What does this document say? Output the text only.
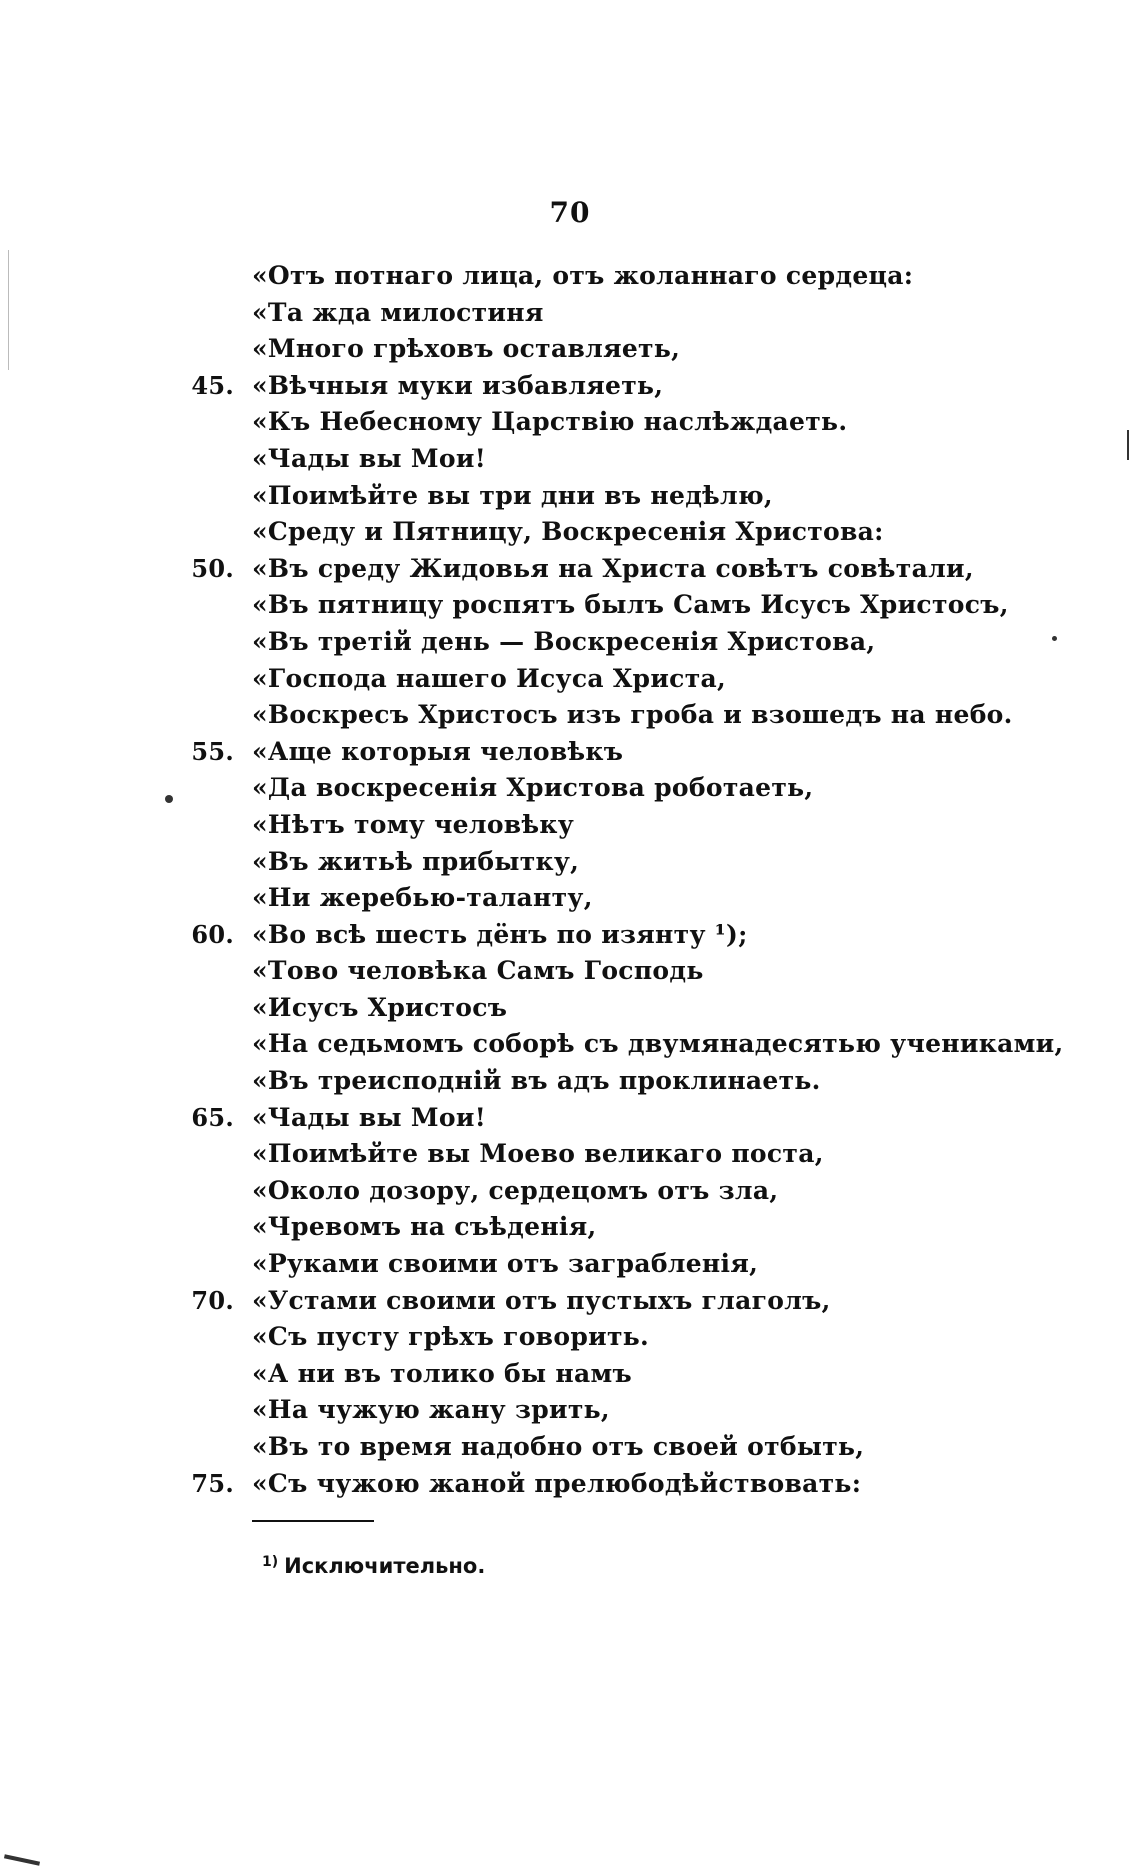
70
«Отъ потнаго лица, отъ жоланнаго сердеца:
«Та жда милостиня
«Много грѣховъ оставляеть,
45. «Вѣчныя муки избавляеть,
«Къ Небесному Царствію наслѣждаеть.
«Чады вы Мои!
«Поимѣйте вы три дни въ недѣлю,
«Среду и Пятницу, Воскресенія Христова:
50. «Въ среду Жидовья на Христа совѣтъ совѣтали,
«Въ пятницу роспятъ былъ Самъ Исусъ Христосъ,
«Въ третій день — Воскресенія Христова,
«Господа нашего Исуса Христа,
«Воскресъ Христосъ изъ гроба и взошедъ на небо.
55. «Аще которыя человѣкъ
«Да воскресенія Христова роботаеть,
«Нѣтъ тому человѣку
«Въ житьѣ прибытку,
«Ни жеребью-таланту,
60. «Во всѣ шесть дёнъ по изянту ¹);
«Тово человѣка Самъ Господь
«Исусъ Христосъ
«На седьмомъ соборѣ съ двумянадесятью учениками,
«Въ треисподній въ адъ проклинаеть.
65. «Чады вы Мои!
«Поимѣйте вы Моево великаго поста,
«Около дозору, сердецомъ отъ зла,
«Чревомъ на съѣденія,
«Руками своими отъ заграбленія,
70. «Устами своими отъ пустыхъ глаголъ,
«Съ пусту грѣхъ говорить.
«А ни въ толико бы намъ
«На чужую жану зрить,
«Въ то время надобно отъ своей отбыть,
75. «Съ чужою жаной прелюбодѣйствовать:
$^{1)}$ Исключительно.
